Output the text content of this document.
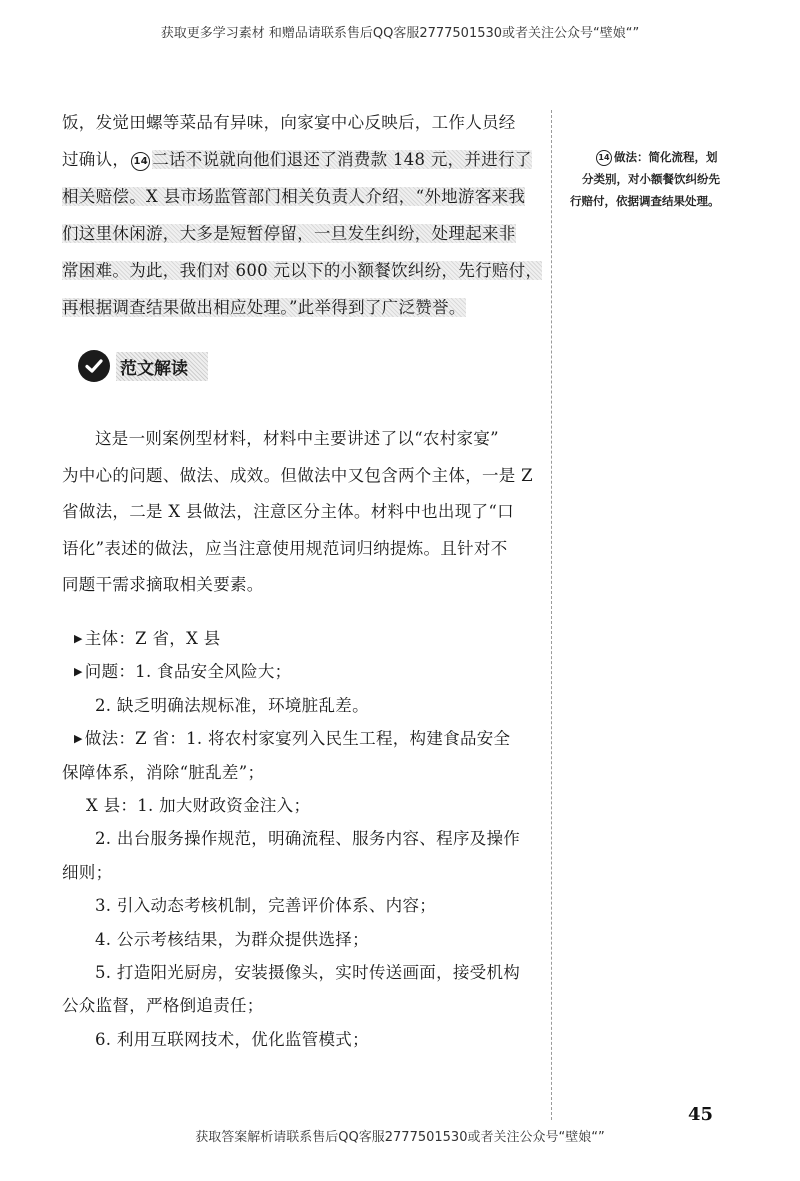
获取更多学习素材 和赠品请联系售后QQ客服2777501530或者关注公众号“壁娘“”
饭，发觉田螺等菜品有异味，向家宴中心反映后，工作人员经
过确认， 14 二话不说就向他们退还了消费款 148 元，并进行了
相关赔偿。X 县市场监管部门相关负责人介绍，“外地游客来我
们这里休闲游，大多是短暂停留，一旦发生纠纷，处理起来非
常困难。为此，我们对 600 元以下的小额餐饮纠纷，先行赔付，
再根据调查结果做出相应处理。”此举得到了广泛赞誉。
范文解读
这是一则案例型材料，材料中主要讲述了以“农村家宴”
为中心的问题、做法、成效。但做法中又包含两个主体，一是 Z
省做法，二是 X 县做法，注意区分主体。材料中也出现了“口
语化”表述的做法，应当注意使用规范词归纳提炼。且针对不
同题干需求摘取相关要素。
▶ 主体：Z 省，X 县
▶ 问题：1. 食品安全风险大；
2. 缺乏明确法规标准，环境脏乱差。
▶ 做法：Z 省：1. 将农村家宴列入民生工程，构建食品安全
保障体系，消除“脏乱差”；
X 县：1. 加大财政资金注入；
2. 出台服务操作规范，明确流程、服务内容、程序及操作
细则；
3. 引入动态考核机制，完善评价体系、内容；
4. 公示考核结果，为群众提供选择；
5. 打造阳光厨房，安装摄像头，实时传送画面，接受机构
公众监督，严格倒追责任；
6. 利用互联网技术，优化监管模式；
14 做法：简化流程，划
分类别，对小额餐饮纠纷先
行赔付，依据调查结果处理。
45
获取答案解析请联系售后QQ客服2777501530或者关注公众号“壁娘“”
